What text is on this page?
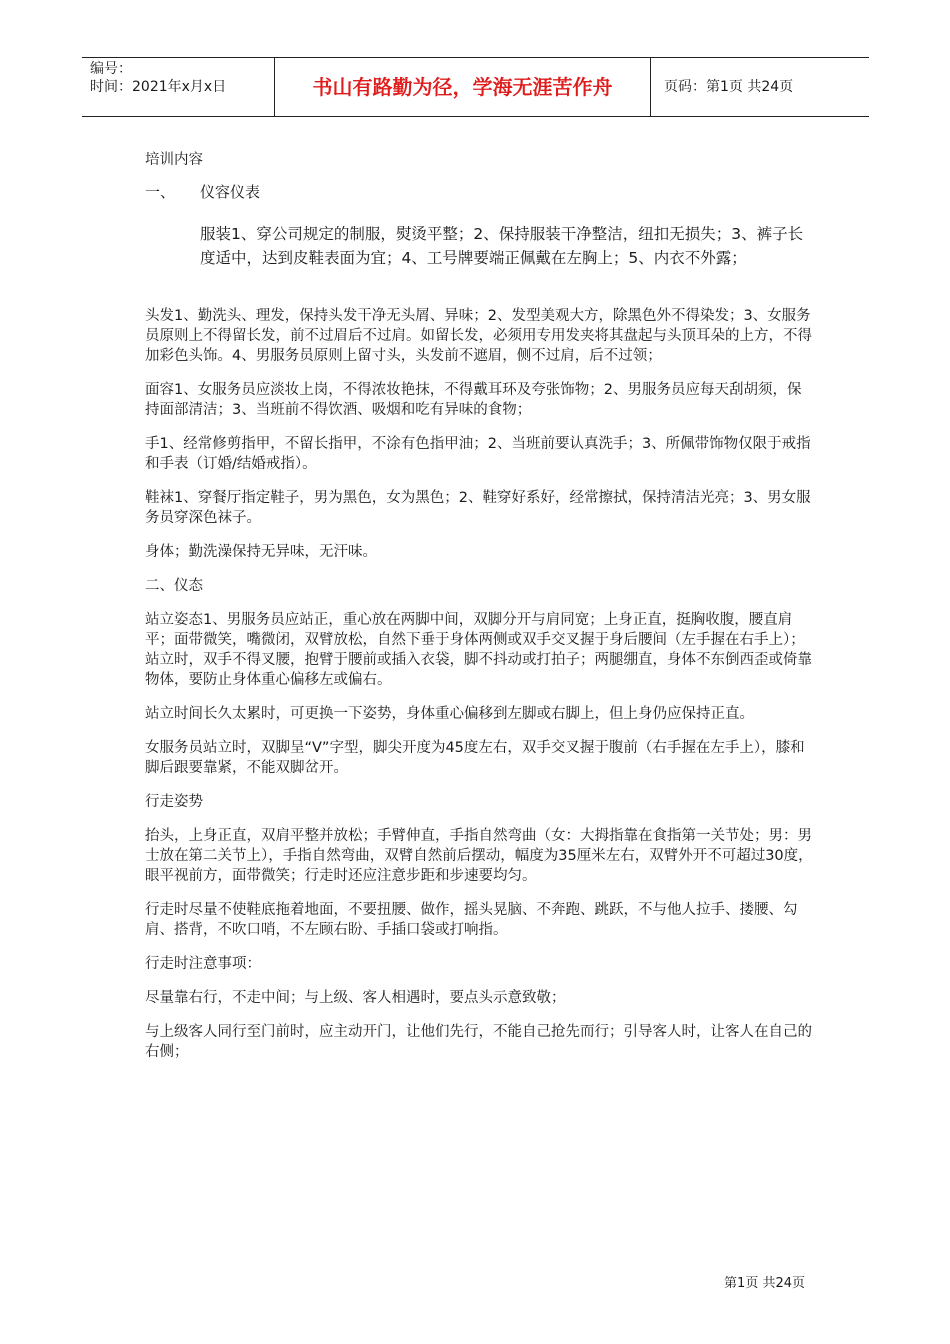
编号：
时间：2021年x月x日	书山有路勤为径，学海无涯苦作舟	页码：第1页 共24页

培训内容

一、	仪容仪表

服装1、穿公司规定的制服，熨烫平整；2、保持服装干净整洁，纽扣无损失；3、裤子长度适中，达到皮鞋表面为宜；4、工号牌要端正佩戴在左胸上；5、内衣不外露；

头发1、勤洗头、理发，保持头发干净无头屑、异味；2、发型美观大方，除黑色外不得染发；3、女服务员原则上不得留长发，前不过眉后不过肩。如留长发，必须用专用发夹将其盘起与头顶耳朵的上方，不得加彩色头饰。4、男服务员原则上留寸头，头发前不遮眉，侧不过肩，后不过领；

面容1、女服务员应淡妆上岗，不得浓妆艳抹，不得戴耳环及夸张饰物；2、男服务员应每天刮胡须，保持面部清洁；3、当班前不得饮酒、吸烟和吃有异味的食物；

手1、经常修剪指甲，不留长指甲，不涂有色指甲油；2、当班前要认真洗手；3、所佩带饰物仅限于戒指和手表（订婚/结婚戒指）。

鞋袜1、穿餐厅指定鞋子，男为黑色，女为黑色；2、鞋穿好系好，经常擦拭，保持清洁光亮；3、男女服务员穿深色袜子。

身体；勤洗澡保持无异味，无汗味。

二、仪态

站立姿态1、男服务员应站正，重心放在两脚中间，双脚分开与肩同宽；上身正直，挺胸收腹，腰直肩平；面带微笑，嘴微闭，双臂放松，自然下垂于身体两侧或双手交叉握于身后腰间（左手握在右手上）；站立时，双手不得叉腰，抱臂于腰前或插入衣袋，脚不抖动或打拍子；两腿绷直，身体不东倒西歪或倚靠物体，要防止身体重心偏移左或偏右。

站立时间长久太累时，可更换一下姿势，身体重心偏移到左脚或右脚上，但上身仍应保持正直。

女服务员站立时，双脚呈“V”字型，脚尖开度为45度左右，双手交叉握于腹前（右手握在左手上），膝和脚后跟要靠紧，不能双脚岔开。

行走姿势

抬头，上身正直，双肩平整并放松；手臂伸直，手指自然弯曲（女：大拇指靠在食指第一关节处；男：男士放在第二关节上），手指自然弯曲，双臂自然前后摆动，幅度为35厘米左右，双臂外开不可超过30度，眼平视前方，面带微笑；行走时还应注意步距和步速要均匀。

行走时尽量不使鞋底拖着地面，不要扭腰、做作，摇头晃脑、不奔跑、跳跃，不与他人拉手、搂腰、勾肩、搭背，不吹口哨，不左顾右盼、手插口袋或打响指。

行走时注意事项：

尽量靠右行，不走中间；与上级、客人相遇时，要点头示意致敬；

与上级客人同行至门前时，应主动开门，让他们先行，不能自己抢先而行；引导客人时，让客人在自己的右侧；

第1页 共24页
